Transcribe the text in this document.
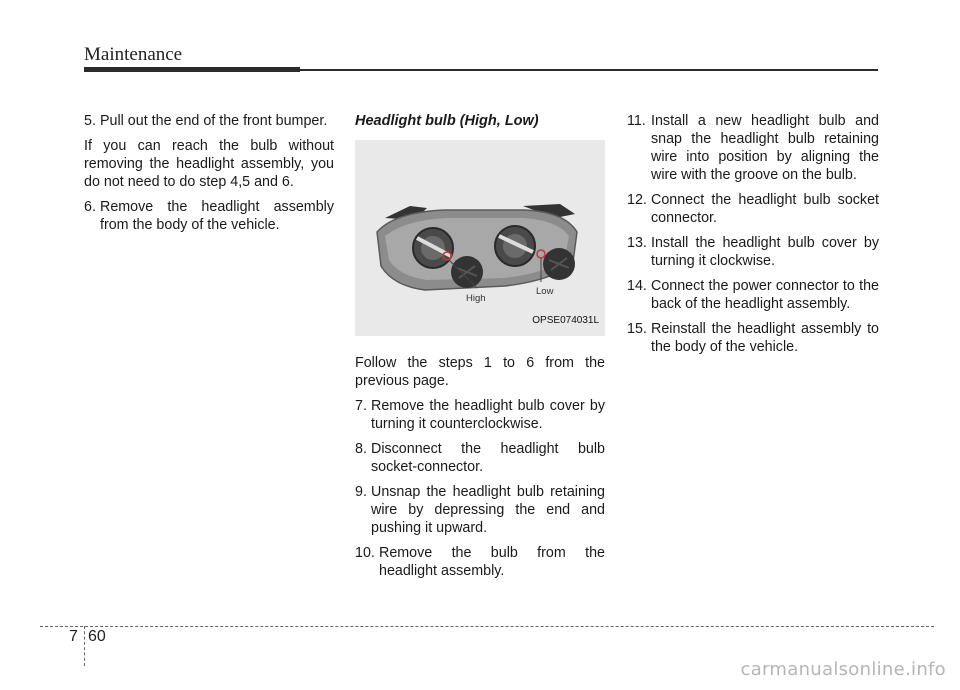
Maintenance
5. Pull out the end of the front bumper.

If you can reach the bulb without removing the headlight assembly, you do not need to do step 4,5 and 6.

6. Remove the headlight assembly from the body of the vehicle.
Headlight bulb (High, Low)
High
Low
OPSE074031L

Follow the steps 1 to 6 from the previous page.

7. Remove the headlight bulb cover by turning it counterclockwise.
8. Disconnect the headlight bulb socket-connector.
9. Unsnap the headlight bulb retaining wire by depressing the end and pushing it upward.
10. Remove the bulb from the headlight assembly.
11. Install a new headlight bulb and snap the headlight bulb retaining wire into position by aligning the wire with the groove on the bulb.
12. Connect the headlight bulb socket connector.
13. Install the headlight bulb cover by turning it clockwise.
14. Connect the power connector to the back of the headlight assembly.
15. Reinstall the headlight assembly to the body of the vehicle.
7 60
carmanualsonline.info
